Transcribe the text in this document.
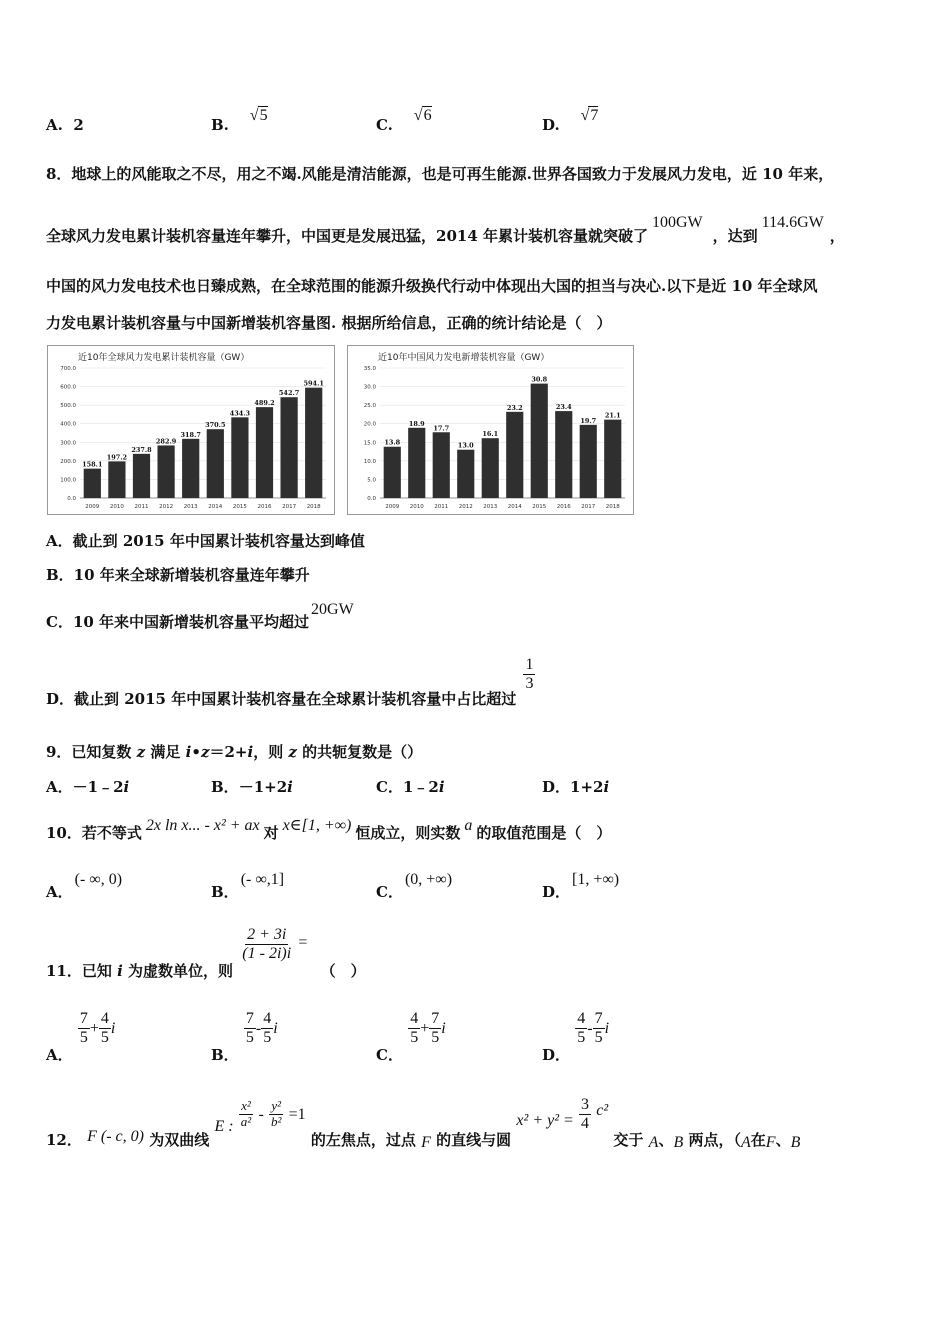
A. 2	B.    √5
C.    √6
D.    √7
8．地球上的风能取之不尽，用之不竭.风能是清洁能源，也是可再生能源.世界各国致力于发展风力发电，近 10 年来，
全球风力发电累计装机容量连年攀升，中国更是发展迅猛，2014 年累计装机容量就突破了100GW，达到114.6GW，
中国的风力发电技术也日臻成熟，在全球范围的能源升级换代行动中体现出大国的担当与决心.以下是近 10 年全球风
力发电累计装机容量与中国新增装机容量图. 根据所给信息，正确的统计结论是（　）
近10年全球风力发电累计装机容量（GW）
700.0
600.0
500.0
400.0
300.0
200.0
100.0
0.0
158.1
2009
197.2
2010
237.8
2011
282.9
2012
318.7
2013
370.5
2014
434.3
2015
489.2
2016
542.7
2017
594.1
2018
近10年中国风力发电新增装机容量（GW）
35.0
30.0
25.0
20.0
15.0
10.0
5.0
0.0
13.8
2009
18.9
2010
17.7
2011
13.0
2012
16.1
2013
23.2
2014
30.8
2015
23.4
2016
19.7
2017
21.1
2018
A．截止到 2015 年中国累计装机容量达到峰值
B．10 年来全球新增装机容量连年攀升
C．10 年来中国新增装机容量平均超过20GW
D．截止到 2015 年中国累计装机容量在全球累计装机容量中占比超过
$\frac{1}{3}$
9．已知复数 z 满足 i•z＝2+i，则 z 的共轭复数是（）
A．－1﹣2i	B．－1+2i	C．1﹣2i	D．1+2i
10．若不等式 2x ln x... - x² + ax 对 x∈[1, +∞) 恒成立，则实数 a 的取值范围是（　）
A．(- ∞, 0)
B．(- ∞,1]
C．(0, +∞)
D．[1, +∞)
11．已知 i 为虚数单位，则
$\frac{2 + 3i}{(1 - 2i)i}$ = （　）
A．
$\frac{7}{5} + \frac{4}{5}$ i
B．
$\frac{7}{5} - \frac{4}{5}$ i
C．
$\frac{4}{5} + \frac{7}{5}$ i
D．
$\frac{4}{5} - \frac{7}{5}$ i
12． F (- c, 0) 为双曲线 E : $\frac{\text{x²}}{\text{a²}} - \frac{\text{y²}}{\text{b²}} =1$ 的左焦点，过点 F 的直线与圆 $x^2 + y^2 = \frac{3}{4} c^2$ 交于 A、B 两点，（A在F、B
